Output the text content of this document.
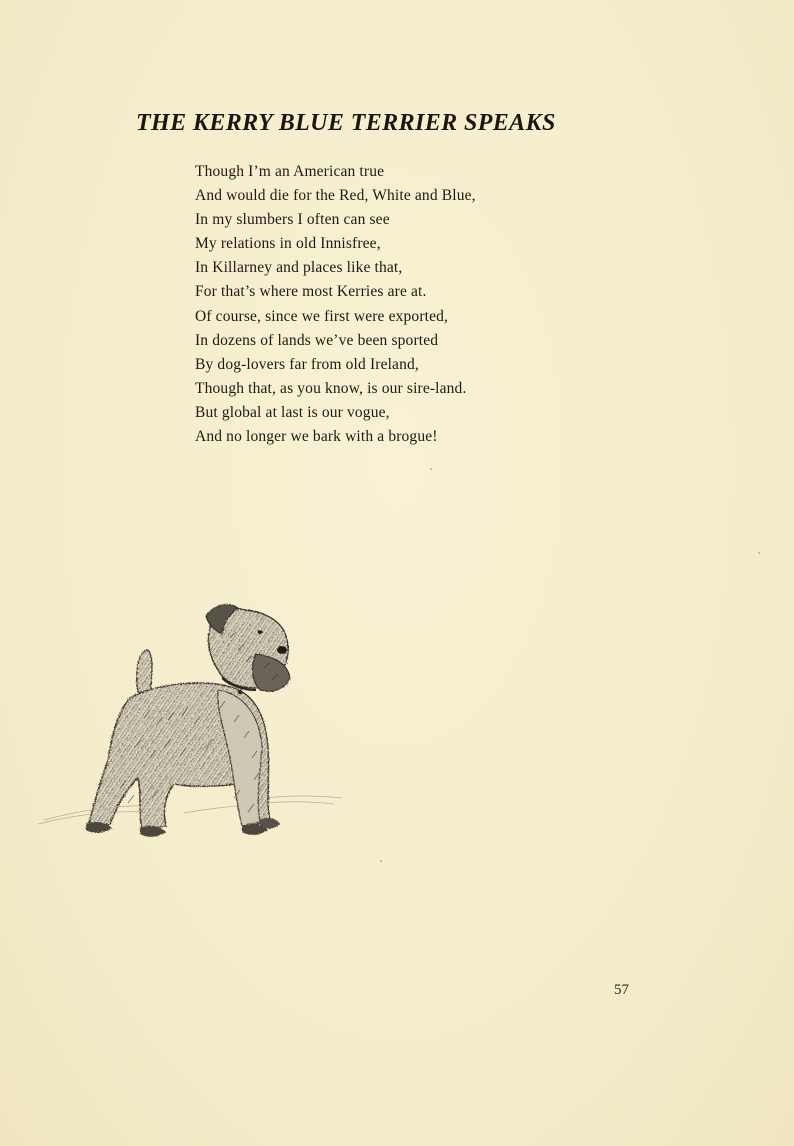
THE KERRY BLUE TERRIER SPEAKS
Though I’m an American true
And would die for the Red, White and Blue,
In my slumbers I often can see
My relations in old Innisfree,
In Killarney and places like that,
For that’s where most Kerries are at.
Of course, since we first were exported,
In dozens of lands we’ve been sported
By dog-lovers far from old Ireland,
Though that, as you know, is our sire-land.
But global at last is our vogue,
And no longer we bark with a brogue!
57
